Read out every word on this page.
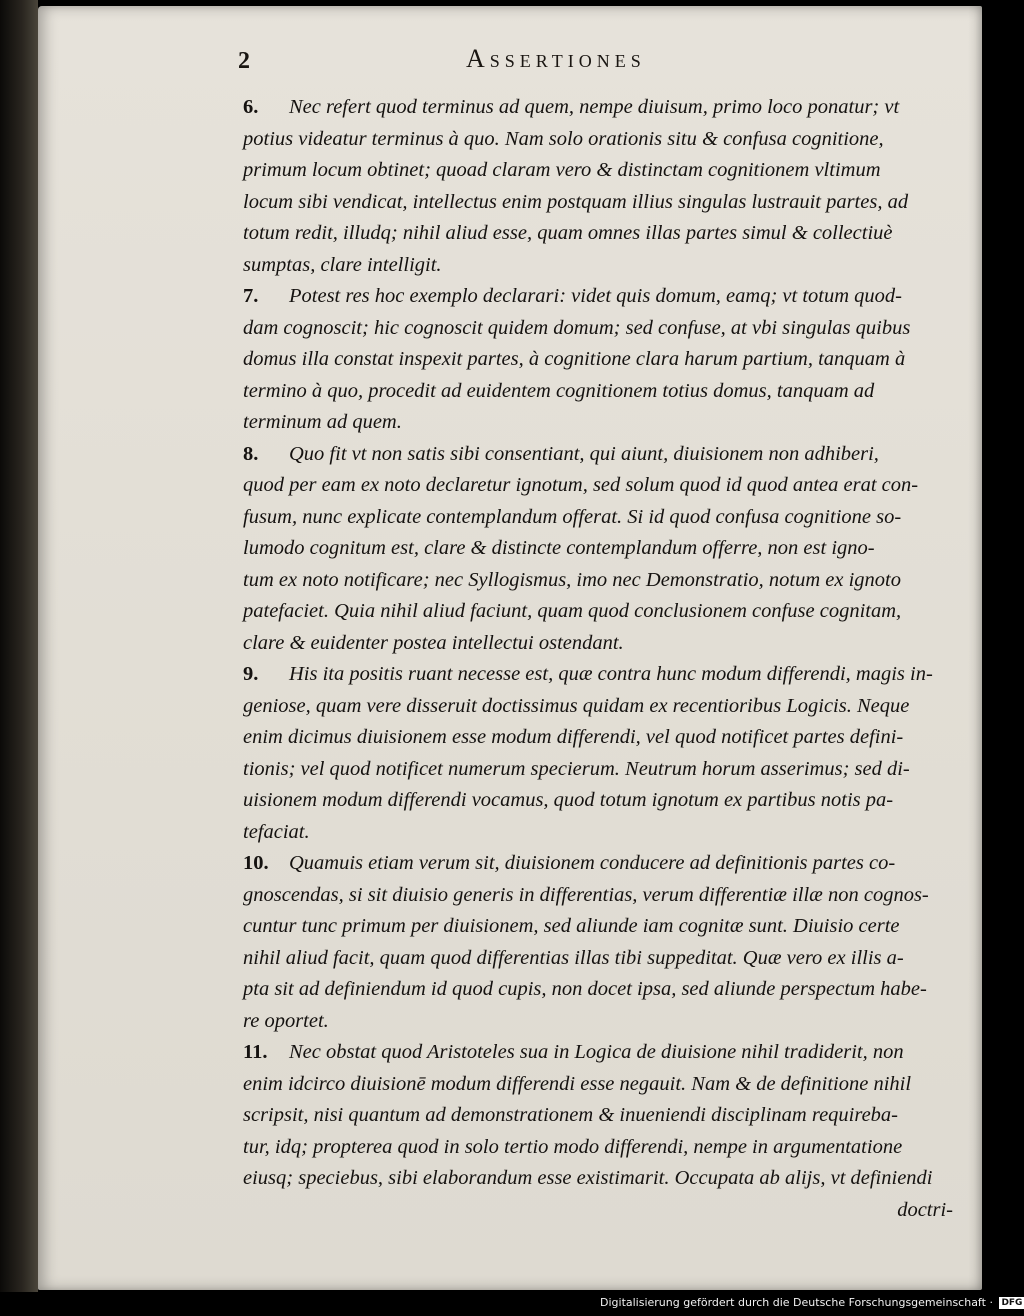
2	Assertiones
6. Nec refert quod terminus ad quem, nempe diuisum, primo loco ponatur; vt
potius videatur terminus à quo. Nam solo orationis situ & confusa cognitione,
primum locum obtinet; quoad claram vero & distinctam cognitionem vltimum
locum sibi vendicat, intellectus enim postquam illius singulas lustrauit partes, ad
totum redit, illudq; nihil aliud esse, quam omnes illas partes simul & collectiuè
sumptas, clare intelligit.
7. Potest res hoc exemplo declarari: videt quis domum, eamq; vt totum quod-
dam cognoscit; hic cognoscit quidem domum; sed confuse, at vbi singulas quibus
domus illa constat inspexit partes, à cognitione clara harum partium, tanquam à
termino à quo, procedit ad euidentem cognitionem totius domus, tanquam ad
terminum ad quem.
8. Quo fit vt non satis sibi consentiant, qui aiunt, diuisionem non adhiberi,
quod per eam ex noto declaretur ignotum, sed solum quod id quod antea erat con-
fusum, nunc explicate contemplandum offerat. Si id quod confusa cognitione so-
lumodo cognitum est, clare & distincte contemplandum offerre, non est igno-
tum ex noto notificare; nec Syllogismus, imo nec Demonstratio, notum ex ignoto
patefaciet. Quia nihil aliud faciunt, quam quod conclusionem confuse cognitam,
clare & euidenter postea intellectui ostendant.
9. His ita positis ruant necesse est, quæ contra hunc modum differendi, magis in-
geniose, quam vere disseruit doctissimus quidam ex recentioribus Logicis. Neque
enim dicimus diuisionem esse modum differendi, vel quod notificet partes defini-
tionis; vel quod notificet numerum specierum. Neutrum horum asserimus; sed di-
uisionem modum differendi vocamus, quod totum ignotum ex partibus notis pa-
tefaciat.
10. Quamuis etiam verum sit, diuisionem conducere ad definitionis partes co-
gnoscendas, si sit diuisio generis in differentias, verum differentiæ illæ non cognos-
cuntur tunc primum per diuisionem, sed aliunde iam cognitæ sunt. Diuisio certe
nihil aliud facit, quam quod differentias illas tibi suppeditat. Quæ vero ex illis a-
pta sit ad definiendum id quod cupis, non docet ipsa, sed aliunde perspectum habe-
re oportet.
11. Nec obstat quod Aristoteles sua in Logica de diuisione nihil tradiderit, non
enim idcirco diuisionē modum differendi esse negauit. Nam & de definitione nihil
scripsit, nisi quantum ad demonstrationem & inueniendi disciplinam requireba-
tur, idq; propterea quod in solo tertio modo differendi, nempe in argumentatione
eiusq; speciebus, sibi elaborandum esse existimarit. Occupata ab alijs, vt definiendi
doctri-
Digitalisierung gefördert durch die Deutsche Forschungsgemeinschaft · DFG
